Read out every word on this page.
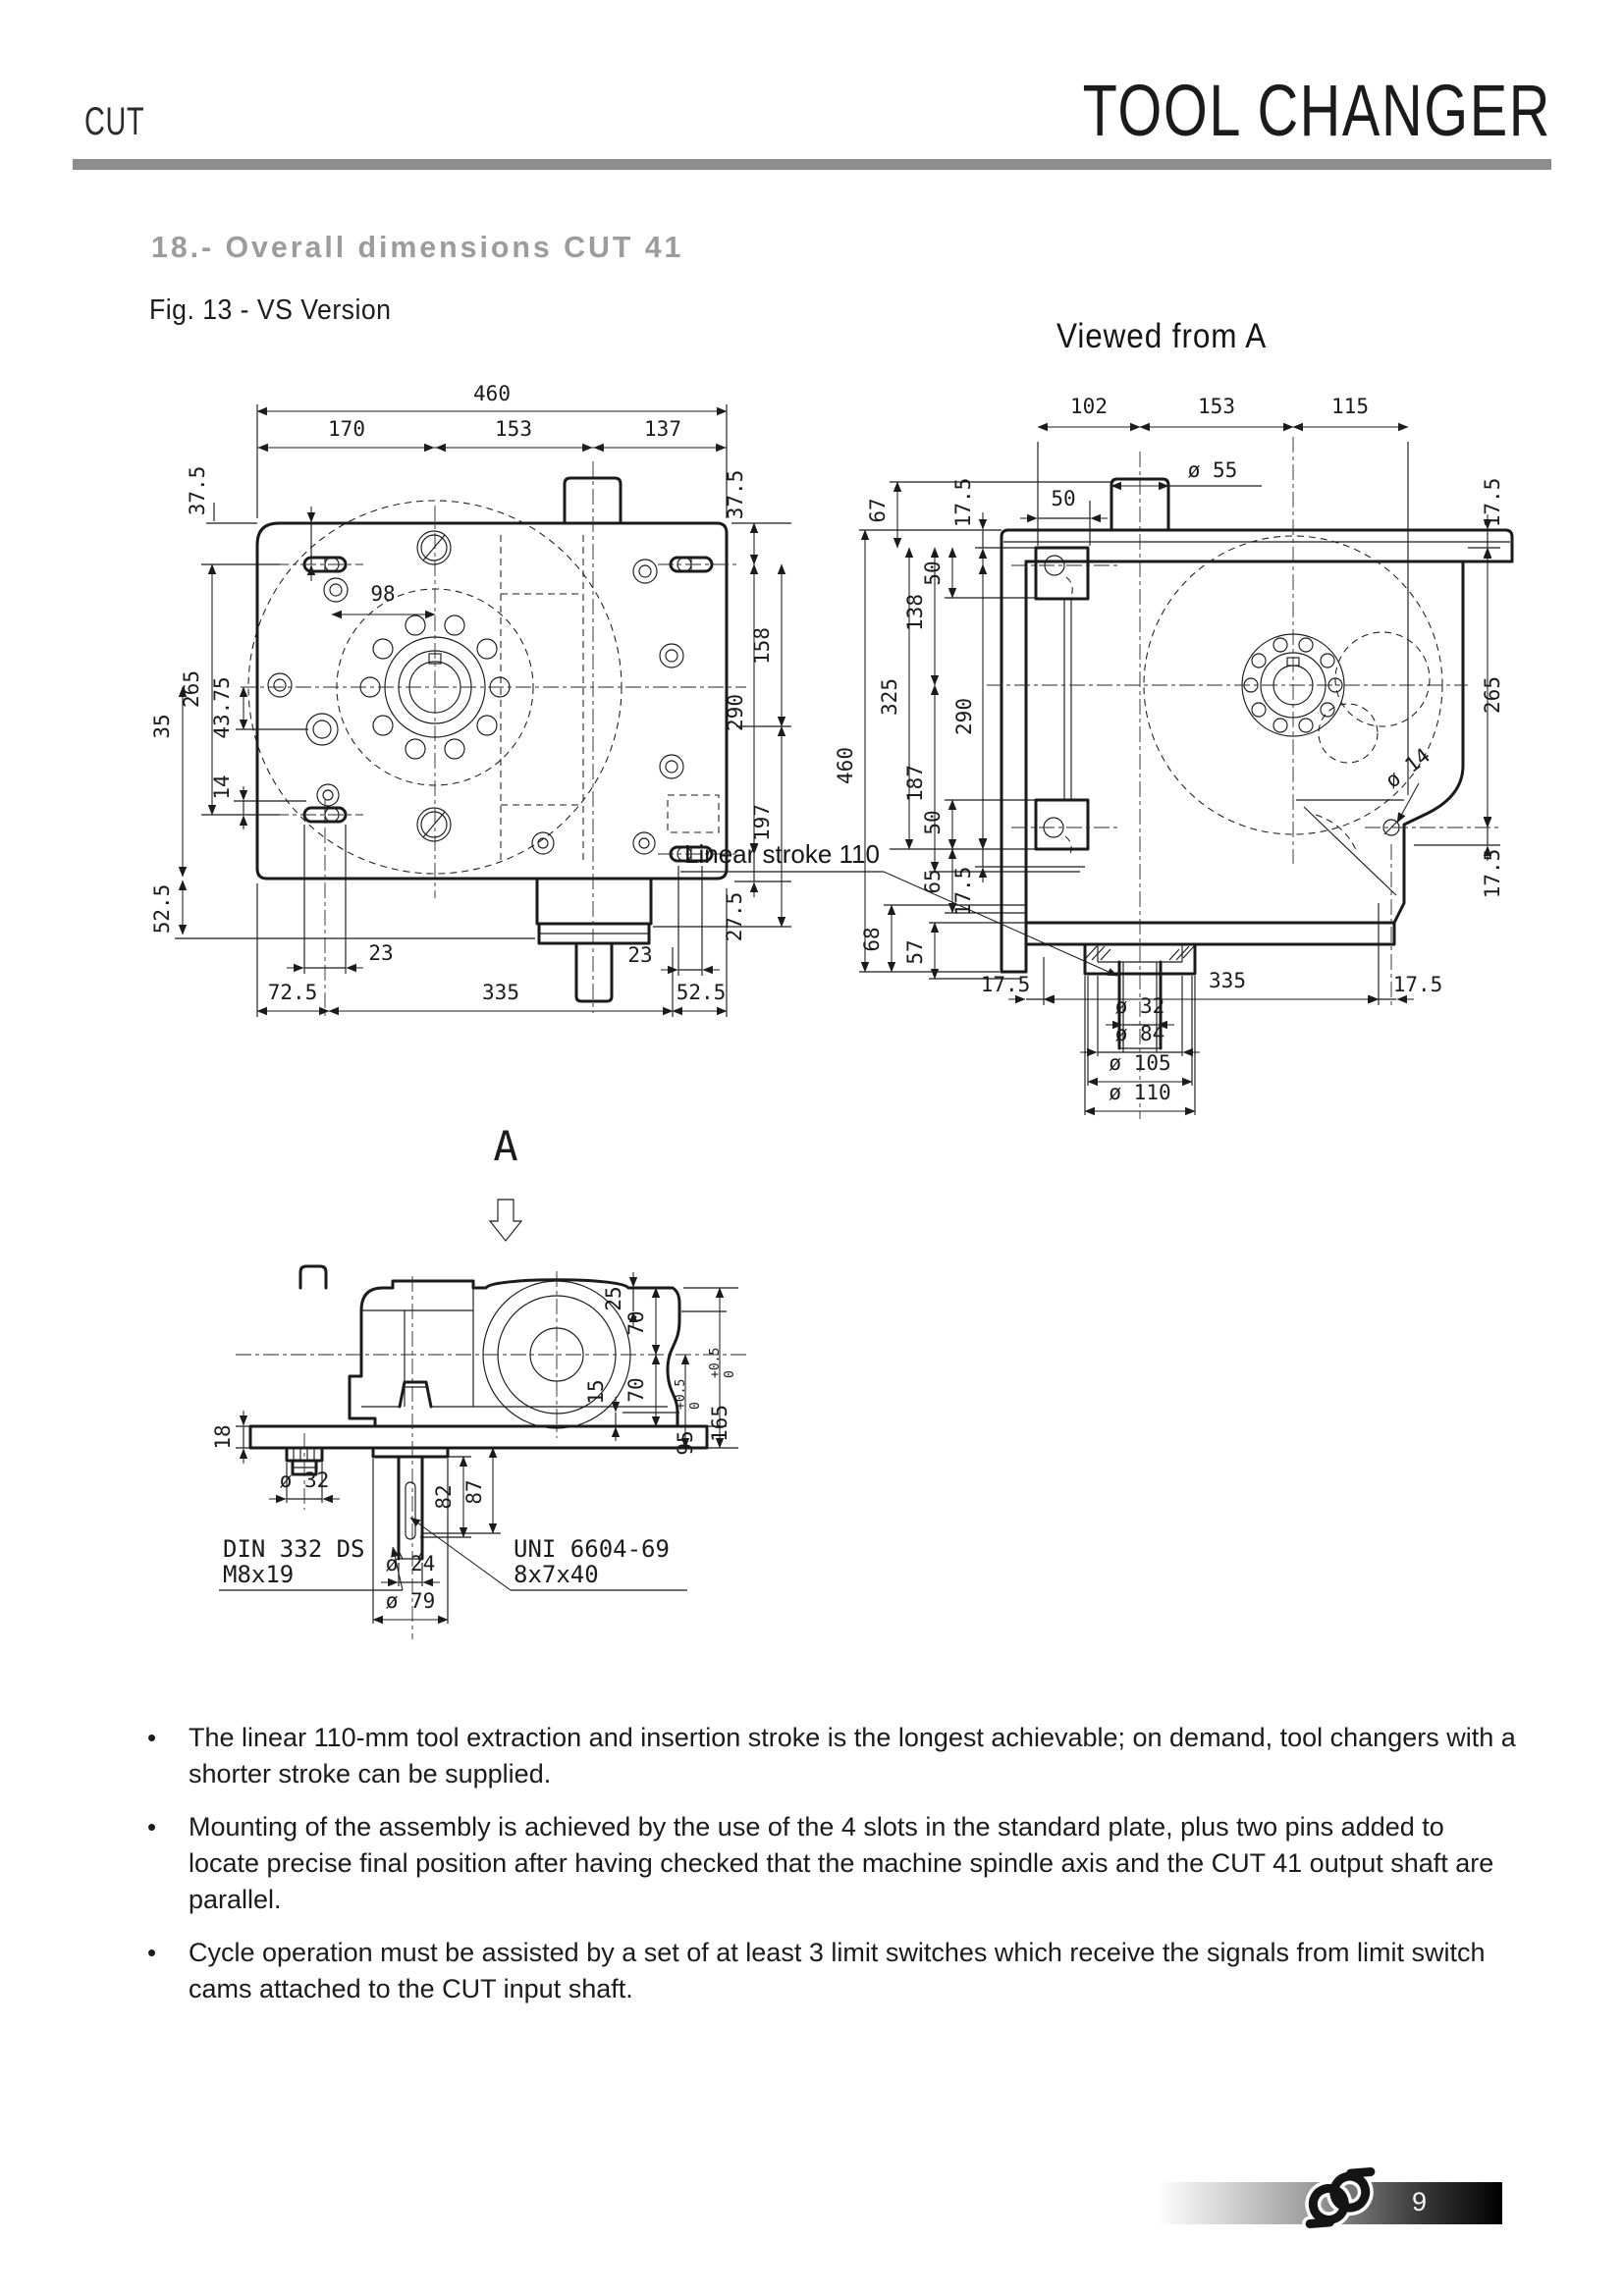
CUT	TOOL CHANGER
18.- Overall dimensions CUT 41
Fig. 13 - VS Version
Viewed from A
460
170	153	137
37.5
35
52.5
265 43.75
14
98
37.5
290
158
197
27.5
23
72.5	335	52.5
23
ø 14
102	153	115
ø 55
50
17.5
460
67
325
138
187
57
68
50
50
65 17.5
290
17.5
265
17.5
17.5	335	17.5
ø 32
ø 84
ø 105
ø 110
Linear stroke 110
A
25
70
70
15
95
+0.5 0 165
+0.5 0
18
ø 32
82 87
ø 24
ø 79
DIN 332 DS
M8x19
UNI 6604-69
8x7x40
•	The linear 110-mm tool extraction and insertion stroke is the longest achievable; on demand, tool changers with a shorter stroke can be supplied.
•	Mounting of the assembly is achieved by the use of the 4 slots in the standard plate, plus two pins added to locate precise final position after having checked that the machine spindle axis and the CUT 41 output shaft are parallel.
•	Cycle operation must be assisted by a set of at least 3 limit switches which receive the signals from limit switch cams attached to the CUT input shaft.
9
